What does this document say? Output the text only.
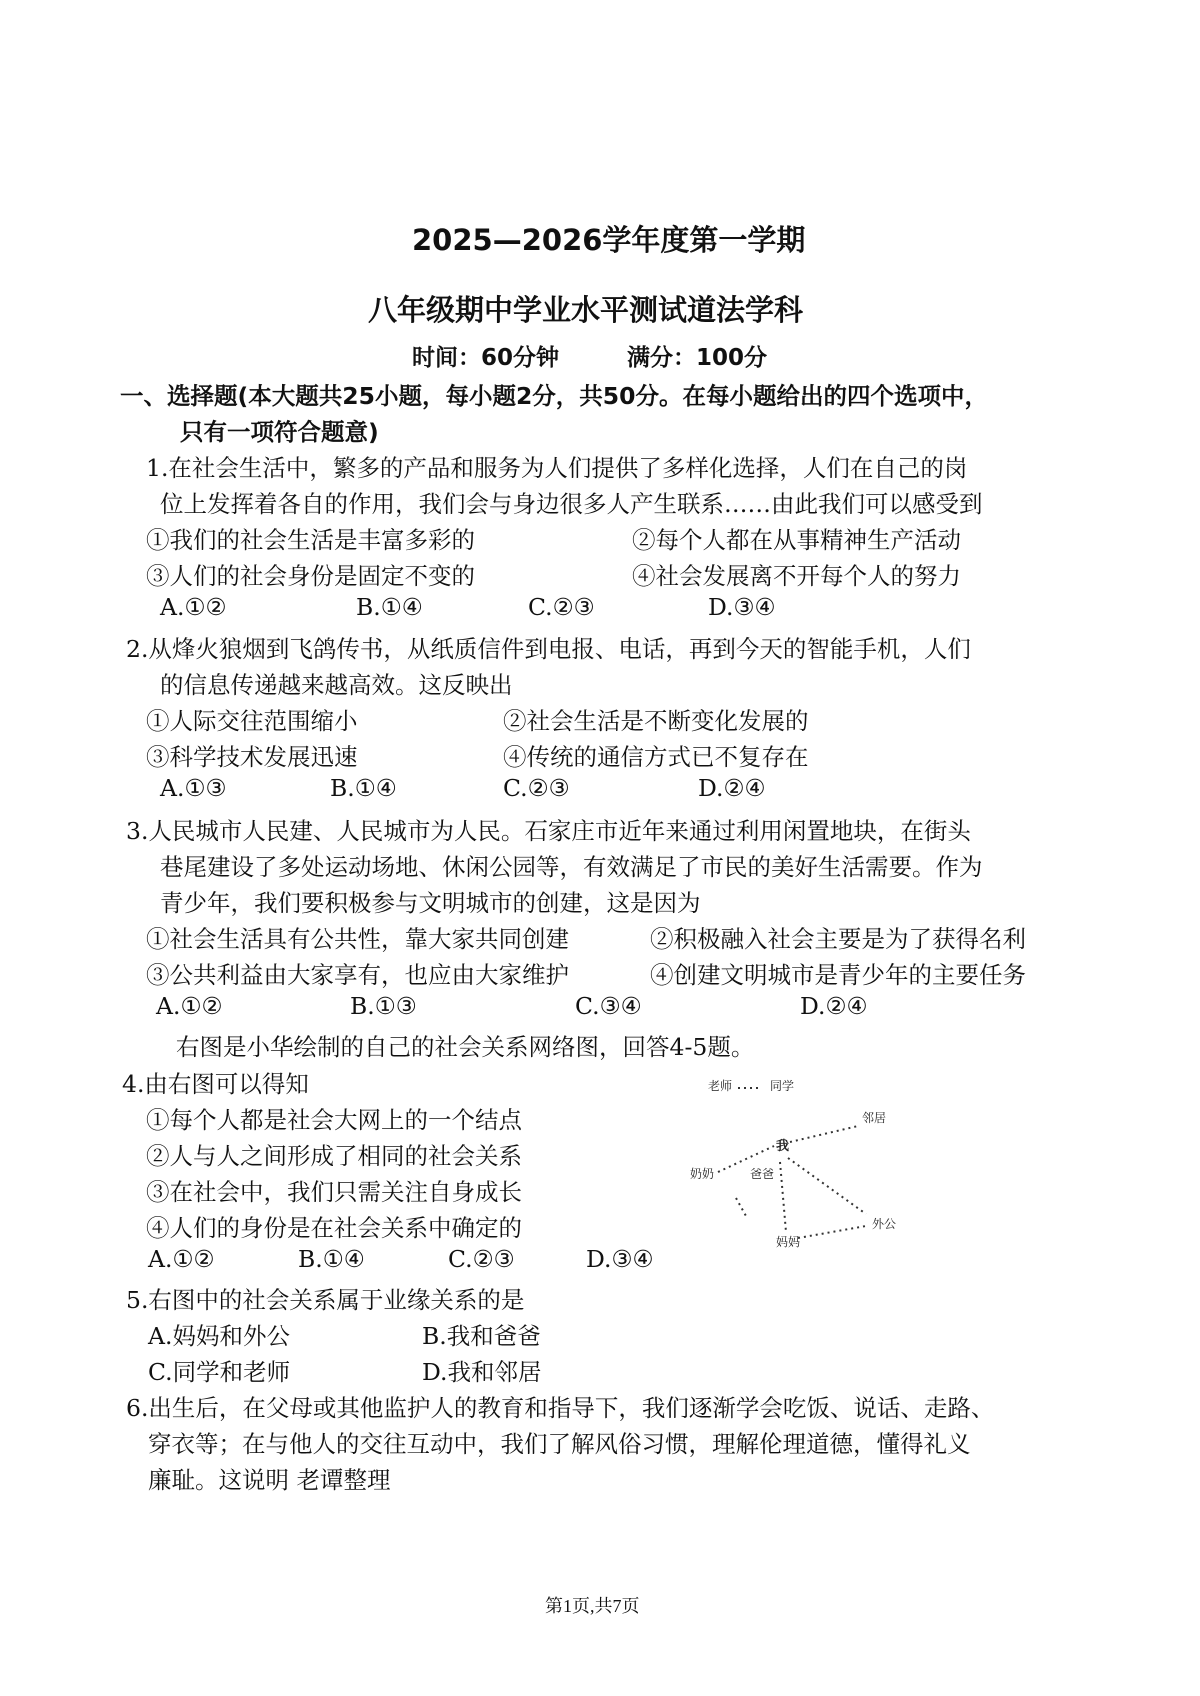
2025—2026学年度第一学期
八年级期中学业水平测试道法学科
时间：60分钟	满分：100分
一、选择题(本大题共25小题，每小题2分，共50分。在每小题给出的四个选项中，
只有一项符合题意)
1.在社会生活中，繁多的产品和服务为人们提供了多样化选择，人们在自己的岗
位上发挥着各自的作用，我们会与身边很多人产生联系……由此我们可以感受到
①我们的社会生活是丰富多彩的	②每个人都在从事精神生产活动
③人们的社会身份是固定不变的	④社会发展离不开每个人的努力
A.①②	B.①④	C.②③	D.③④
2.从烽火狼烟到飞鸽传书，从纸质信件到电报、电话，再到今天的智能手机，人们
的信息传递越来越高效。这反映出
①人际交往范围缩小	②社会生活是不断变化发展的
③科学技术发展迅速	④传统的通信方式已不复存在
A.①③	B.①④	C.②③	D.②④
3.人民城市人民建、人民城市为人民。石家庄市近年来通过利用闲置地块，在街头
巷尾建设了多处运动场地、休闲公园等，有效满足了市民的美好生活需要。作为
青少年，我们要积极参与文明城市的创建，这是因为
①社会生活具有公共性，靠大家共同创建	②积极融入社会主要是为了获得名利
③公共利益由大家享有，也应由大家维护	④创建文明城市是青少年的主要任务
A.①②	B.①③	C.③④	D.②④
右图是小华绘制的自己的社会关系网络图，回答4-5题。
4.由右图可以得知
①每个人都是社会大网上的一个结点
②人与人之间形成了相同的社会关系
③在社会中，我们只需关注自身成长
④人们的身份是在社会关系中确定的
A.①②	B.①④	C.②③	D.③④
老师	同学
邻居
我
奶奶	爸爸
妈妈
外公
5.右图中的社会关系属于业缘关系的是
A.妈妈和外公	B.我和爸爸
C.同学和老师	D.我和邻居
6.出生后，在父母或其他监护人的教育和指导下，我们逐渐学会吃饭、说话、走路、
穿衣等；在与他人的交往互动中，我们了解风俗习惯，理解伦理道德，懂得礼义
廉耻。这说明 老谭整理
第1页,共7页
